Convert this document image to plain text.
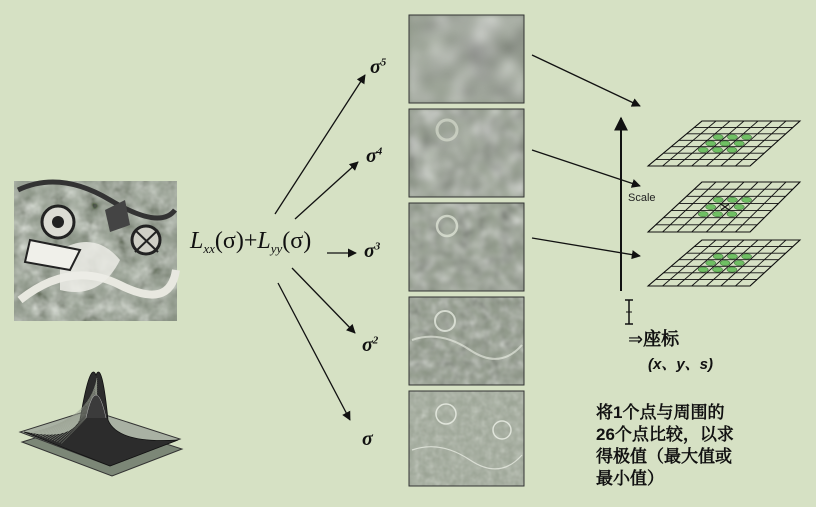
$L_{xx}(\sigma)+L_{yy}(\sigma)$
$\sigma^5$
$\sigma^4$
$\sigma^3$
$\sigma^2$
σ
Scale
⇒座标
(x、y、s)
将1个点与周围的
26个点比较，以求
得极值（最大值或
最小值）
